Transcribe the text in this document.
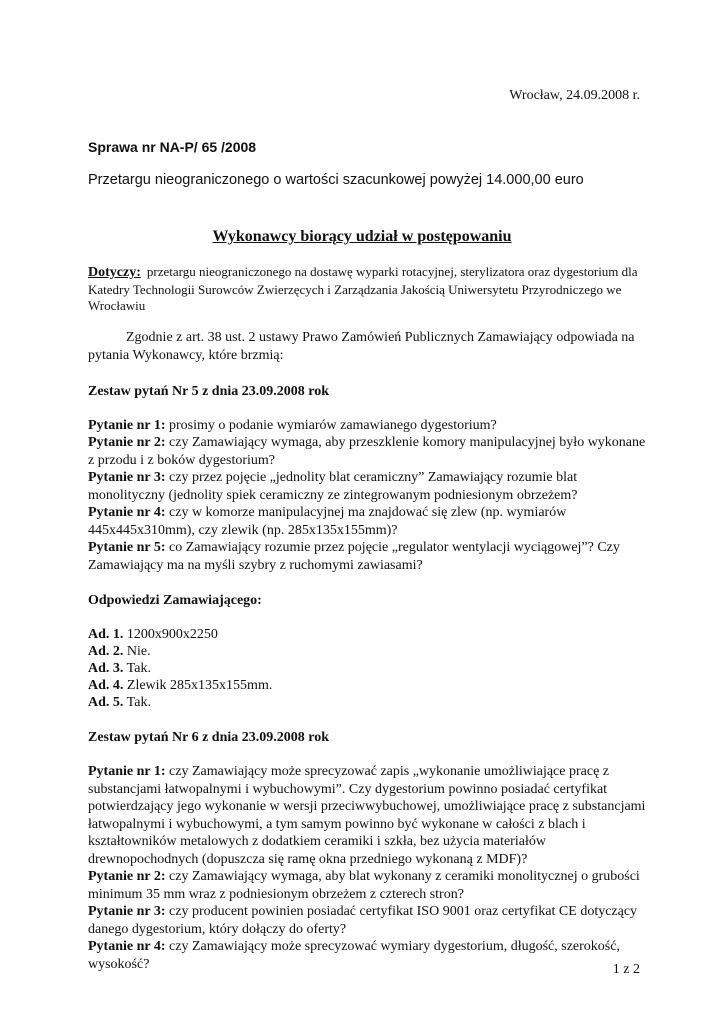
Wrocław, 24.09.2008 r.
Sprawa nr NA-P/ 65 /2008
Przetargu nieograniczonego o wartości szacunkowej powyżej 14.000,00 euro
Wykonawcy biorący udział w postępowaniu

Dotyczy: przetargu nieograniczonego na dostawę wyparki rotacyjnej, sterylizatora oraz dygestorium dla Katedry Technologii Surowców Zwierzęcych i Zarządzania Jakością Uniwersytetu Przyrodniczego we Wrocławiu

Zgodnie z art. 38 ust. 2 ustawy Prawo Zamówień Publicznych Zamawiający odpowiada na pytania Wykonawcy, które brzmią:

Zestaw pytań Nr 5 z dnia 23.09.2008 rok

Pytanie nr 1: prosimy o podanie wymiarów zamawianego dygestorium?

Pytanie nr 2: czy Zamawiający wymaga, aby przeszklenie komory manipulacyjnej było wykonane z przodu i z boków dygestorium?

Pytanie nr 3: czy przez pojęcie „jednolity blat ceramiczny” Zamawiający rozumie blat monolityczny (jednolity spiek ceramiczny ze zintegrowanym podniesionym obrzeżem?

Pytanie nr 4: czy w komorze manipulacyjnej ma znajdować się zlew (np. wymiarów 445x445x310mm), czy zlewik (np. 285x135x155mm)?

Pytanie nr 5: co Zamawiający rozumie przez pojęcie „regulator wentylacji wyciągowej”? Czy Zamawiający ma na myśli szybry z ruchomymi zawiasami?

Odpowiedzi Zamawiającego:

Ad. 1. 1200x900x2250

Ad. 2. Nie.

Ad. 3. Tak.

Ad. 4. Zlewik 285x135x155mm.

Ad. 5. Tak.

Zestaw pytań Nr 6 z dnia 23.09.2008 rok

Pytanie nr 1: czy Zamawiający może sprecyzować zapis „wykonanie umożliwiające pracę z substancjami łatwopalnymi i wybuchowymi”. Czy dygestorium powinno posiadać certyfikat potwierdzający jego wykonanie w wersji przeciwwybuchowej, umożliwiające pracę z substancjami łatwopalnymi i wybuchowymi, a tym samym powinno być wykonane w całości z blach i kształtowników metalowych z dodatkiem ceramiki i szkła, bez użycia materiałów drewnopochodnych (dopuszcza się ramę okna przedniego wykonaną z MDF)?

Pytanie nr 2: czy Zamawiający wymaga, aby blat wykonany z ceramiki monolitycznej o grubości minimum 35 mm wraz z podniesionym obrzeżem z czterech stron?

Pytanie nr 3: czy producent powinien posiadać certyfikat ISO 9001 oraz certyfikat CE dotyczący danego dygestorium, który dołączy do oferty?

Pytanie nr 4: czy Zamawiający może sprecyzować wymiary dygestorium, długość, szerokość, wysokość?	1 z 2
